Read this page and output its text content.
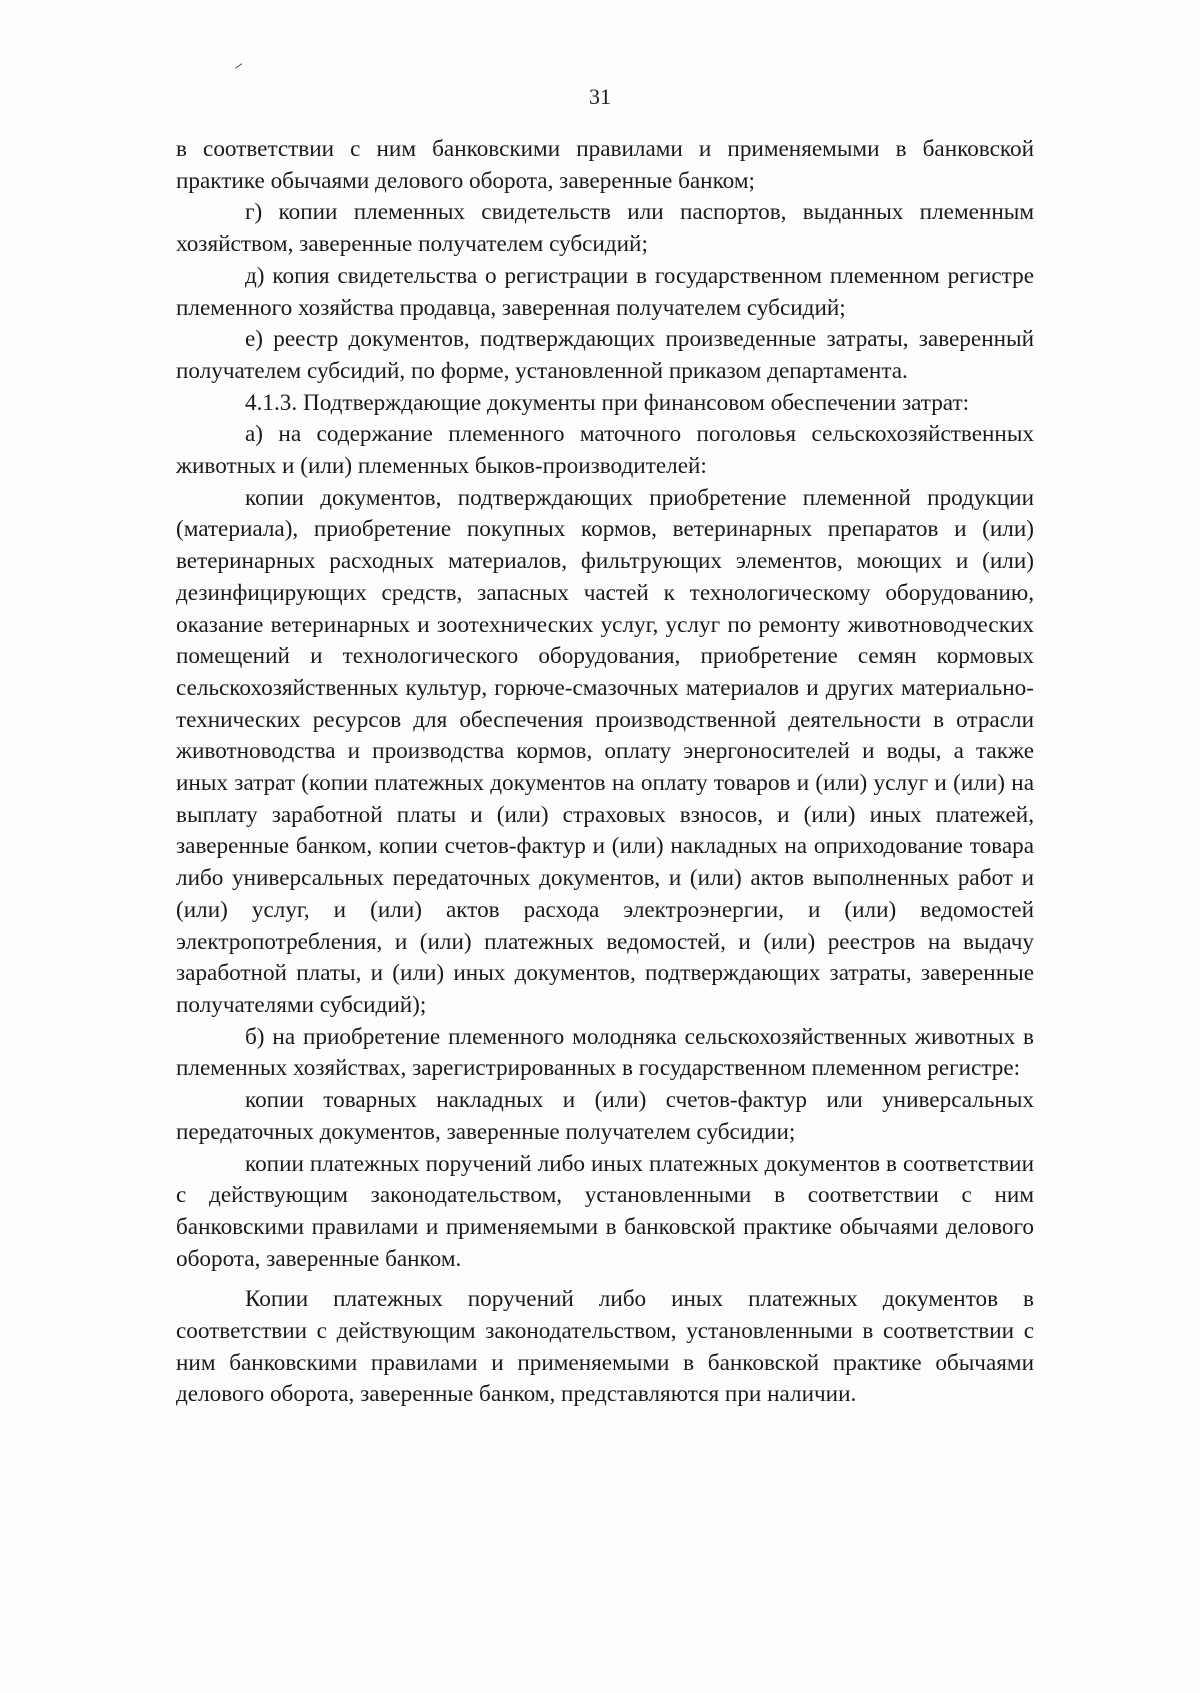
31

в соответствии с ним банковскими правилами и применяемыми в банковской практике обычаями делового оборота, заверенные банком;

г) копии племенных свидетельств или паспортов, выданных племенным хозяйством, заверенные получателем субсидий;

д) копия свидетельства о регистрации в государственном племенном регистре племенного хозяйства продавца, заверенная получателем субсидий;

е) реестр документов, подтверждающих произведенные затраты, заверенный получателем субсидий, по форме, установленной приказом департамента.

4.1.3. Подтверждающие документы при финансовом обеспечении затрат:

а) на содержание племенного маточного поголовья сельскохозяйственных животных и (или) племенных быков-производителей:

копии документов, подтверждающих приобретение племенной продукции (материала), приобретение покупных кормов, ветеринарных препаратов и (или) ветеринарных расходных материалов, фильтрующих элементов, моющих и (или) дезинфицирующих средств, запасных частей к технологическому оборудованию, оказание ветеринарных и зоотехнических услуг, услуг по ремонту животноводческих помещений и технологического оборудования, приобретение семян кормовых сельскохозяйственных культур, горюче-смазочных материалов и других материально-технических ресурсов для обеспечения производственной деятельности в отрасли животноводства и производства кормов, оплату энергоносителей и воды, а также иных затрат (копии платежных документов на оплату товаров и (или) услуг и (или) на выплату заработной платы и (или) страховых взносов, и (или) иных платежей, заверенные банком, копии счетов-фактур и (или) накладных на оприходование товара либо универсальных передаточных документов, и (или) актов выполненных работ и (или) услуг, и (или) актов расхода электроэнергии, и (или) ведомостей электропотребления, и (или) платежных ведомостей, и (или) реестров на выдачу заработной платы, и (или) иных документов, подтверждающих затраты, заверенные получателями субсидий);

б) на приобретение племенного молодняка сельскохозяйственных животных в племенных хозяйствах, зарегистрированных в государственном племенном регистре:

копии товарных накладных и (или) счетов-фактур или универсальных передаточных документов, заверенные получателем субсидии;

копии платежных поручений либо иных платежных документов в соответствии с действующим законодательством, установленными в соответствии с ним банковскими правилами и применяемыми в банковской практике обычаями делового оборота, заверенные банком.

Копии платежных поручений либо иных платежных документов в соответствии с действующим законодательством, установленными в соответствии с ним банковскими правилами и применяемыми в банковской практике обычаями делового оборота, заверенные банком, представляются при наличии.
